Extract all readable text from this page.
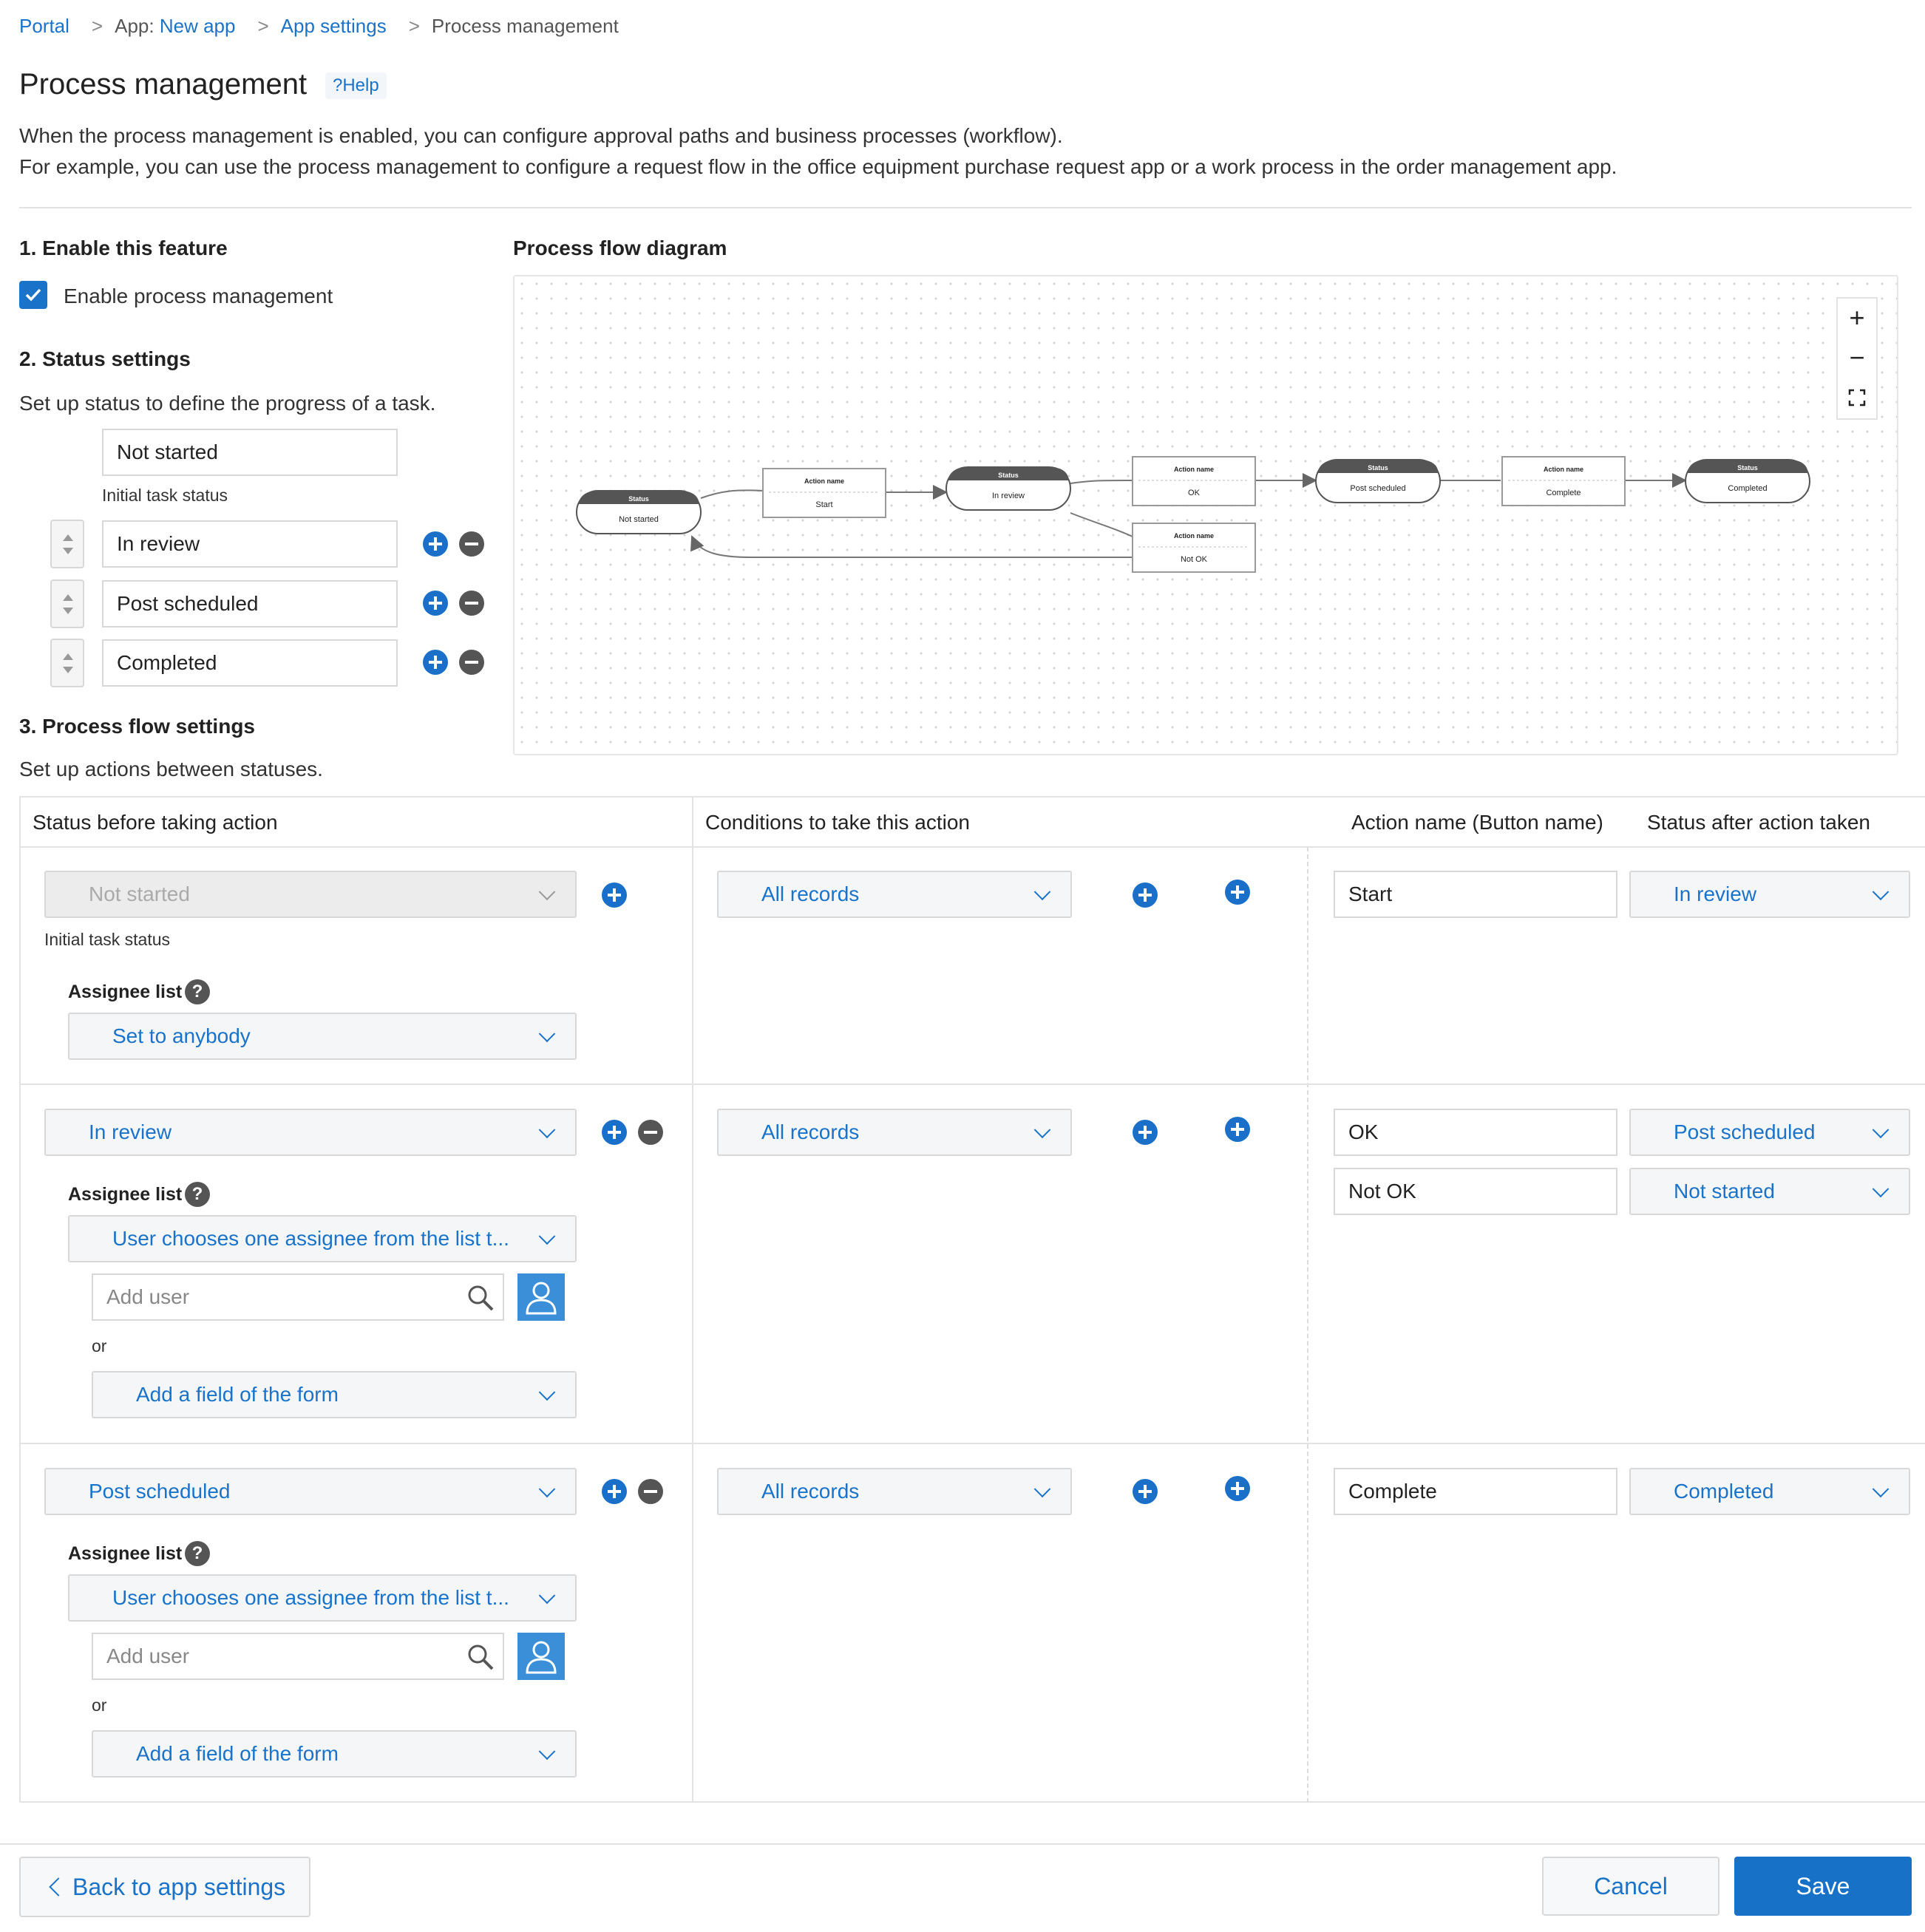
Portal > App: New app > App settings > Process management
Process management	?Help
When the process management is enabled, you can configure approval paths and business processes (workflow).
For example, you can use the process management to configure a request flow in the office equipment purchase request app or a work process in the order management app.
1. Enable this feature
Enable process management
2. Status settings
Set up status to define the progress of a task.
Not started
Initial task status
In review
Post scheduled
Completed
Process flow diagram
Status
Not started
Status
In review
Status
Post scheduled
Status
Completed
Action name
Start
Action name
OK
Action name
Complete
Action name
Not OK
+
−
3. Process flow settings
Set up actions between statuses.
Status before taking action	Conditions to take this action	Action name (Button name) Status after action taken
Not started
Initial task status
Assignee list ?
Set to anybody
All records	Start	In review
In review
Assignee list ?
User chooses one assignee from the list t...
Add user
or
Add a field of the form
All records	OK	Post scheduled
Not OK	Not started
Post scheduled
Assignee list ?
User chooses one assignee from the list t...
Add user
or
Add a field of the form
All records	Complete	Completed
Back to app settings	Cancel	Save
